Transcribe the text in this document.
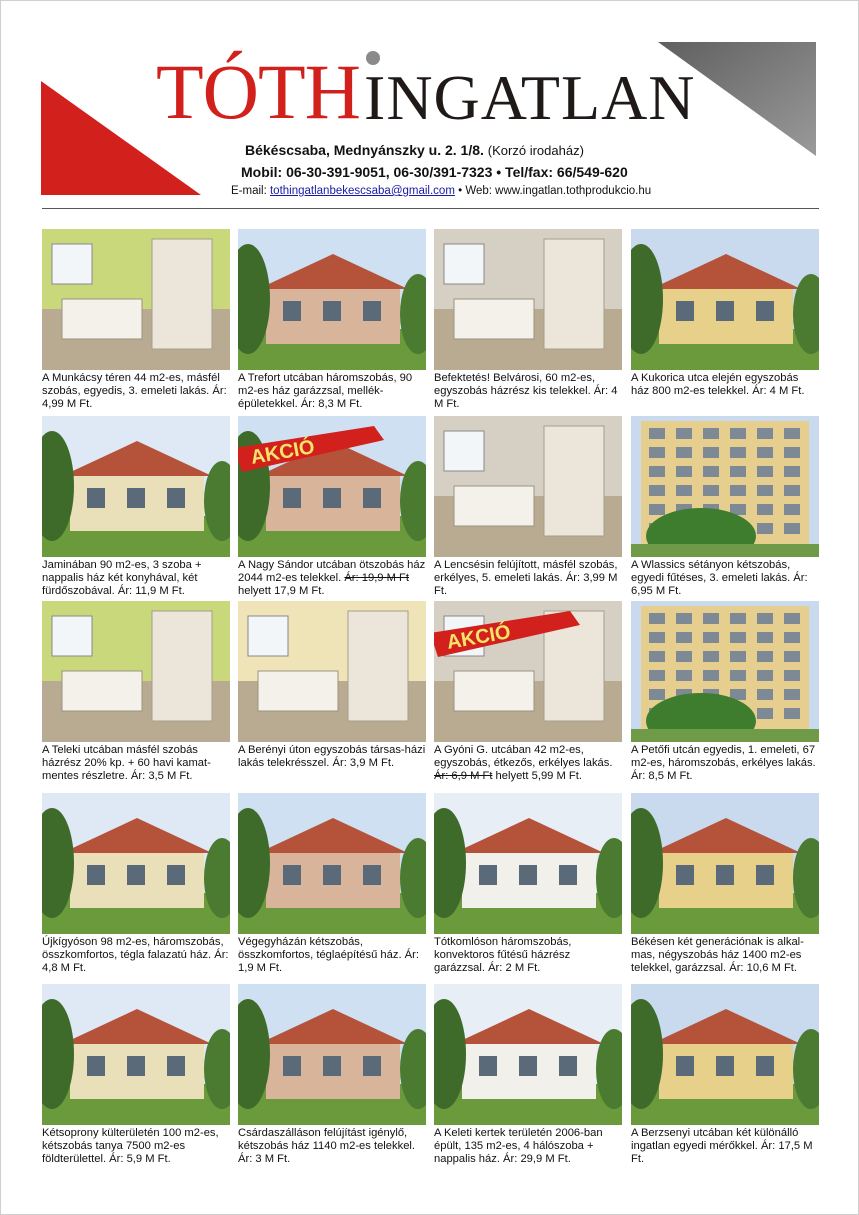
TÓTH INGATLAN
Békéscsaba, Mednyánszky u. 2. 1/8. (Korzó irodaház)
Mobil: 06-30-391-9051, 06-30/391-7323 • Tel/fax: 66/549-620
E-mail: tothingatlanbekescsaba@gmail.com • Web: www.ingatlan.tothprodukcio.hu
A Munkácsy téren 44 m2-es, másfél szobás, egyedis, 3. emeleti lakás. Ár: 4,99 M Ft.
A Trefort utcában háromszobás, 90 m2-es ház garázzsal, mellék-épületekkel. Ár: 8,3 M Ft.
Befektetés! Belvárosi, 60 m2-es, egyszobás házrész kis telekkel. Ár: 4 M Ft.
A Kukorica utca elején egyszobás ház 800 m2-es telekkel. Ár: 4 M Ft.
Jaminában 90 m2-es, 3 szoba + nappalis ház két konyhával, két fürdőszobával. Ár: 11,9 M Ft.
AKCIÓ
A Nagy Sándor utcában ötszobás ház 2044 m2-es telekkel. Ár: 19,9 M Ft helyett 17,9 M Ft.
A Lencsésin felújított, másfél szobás, erkélyes, 5. emeleti lakás. Ár: 3,99 M Ft.
A Wlassics sétányon kétszobás, egyedi fűtéses, 3. emeleti lakás. Ár: 6,95 M Ft.
A Teleki utcában másfél szobás házrész 20% kp. + 60 havi kamat-mentes részletre. Ár: 3,5 M Ft.
A Berényi úton egyszobás társas-házi lakás telekrésszel. Ár: 3,9 M Ft.
AKCIÓ
A Gyóni G. utcában 42 m2-es, egyszobás, étkezős, erkélyes lakás. Ár: 6,9 M Ft helyett 5,99 M Ft.
A Petőfi utcán egyedis, 1. emeleti, 67 m2-es, háromszobás, erkélyes lakás. Ár: 8,5 M Ft.
Újkígyóson 98 m2-es, háromszobás, összkomfortos, tégla falazatú ház. Ár: 4,8 M Ft.
Végegyházán kétszobás, összkomfortos, téglaépítésű ház. Ár: 1,9 M Ft.
Tótkomlóson háromszobás, konvektoros fűtésű házrész garázzsal. Ár: 2 M Ft.
Békésen két generációnak is alkal-mas, négyszobás ház 1400 m2-es telekkel, garázzsal. Ár: 10,6 M Ft.
Kétsoprony külterületén 100 m2-es, kétszobás tanya 7500 m2-es földterülettel. Ár: 5,9 M Ft.
Csárdaszálláson felújítást igénylő, kétszobás ház 1140 m2-es telekkel. Ár: 3 M Ft.
A Keleti kertek területén 2006-ban épült, 135 m2-es, 4 hálószoba + nappalis ház. Ár: 29,9 M Ft.
A Berzsenyi utcában két különálló ingatlan egyedi mérőkkel. Ár: 17,5 M Ft.
